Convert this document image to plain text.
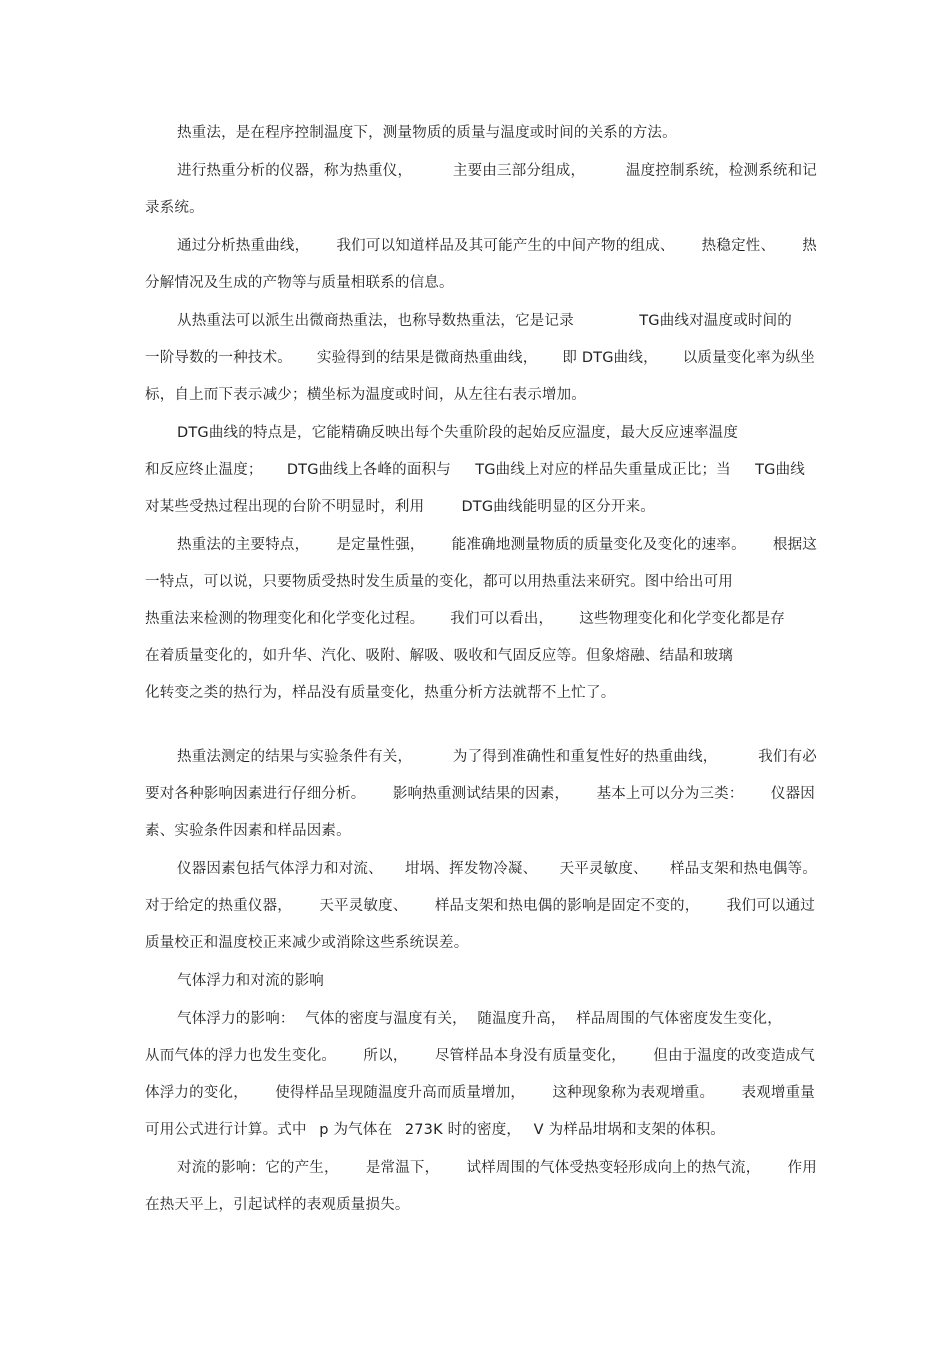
热重法，是在程序控制温度下，测量物质的质量与温度或时间的关系的方法。
进行热重分析的仪器，称为热重仪，	主要由三部分组成，	温度控制系统，检测系统和记
录系统。
通过分析热重曲线， 我们可以知道样品及其可能产生的中间产物的组成、 热稳定性、 热
分解情况及生成的产物等与质量相联系的信息。
从热重法可以派生出微商热重法，也称导数热重法，它是记录	TG曲线对温度或时间的
一阶导数的一种技术。 实验得到的结果是微商热重曲线， 即 DTG曲线， 以质量变化率为纵坐
标，自上而下表示减少；横坐标为温度或时间，从左往右表示增加。
DTG曲线的特点是，它能精确反映出每个失重阶段的起始反应温度，最大反应速率温度
和反应终止温度； DTG曲线上各峰的面积与 TG曲线上对应的样品失重量成正比；当 TG曲线
对某些受热过程出现的台阶不明显时，利用	DTG曲线能明显的区分开来。
热重法的主要特点， 是定量性强， 能准确地测量物质的质量变化及变化的速率。 根据这
一特点，可以说，只要物质受热时发生质量的变化，都可以用热重法来研究。图中给出可用
热重法来检测的物理变化和化学变化过程。 我们可以看出， 这些物理变化和化学变化都是存
在着质量变化的，如升华、汽化、吸附、解吸、吸收和气固反应等。但象熔融、结晶和玻璃
化转变之类的热行为，样品没有质量变化，热重分析方法就帮不上忙了。
热重法测定的结果与实验条件有关，	为了得到准确性和重复性好的热重曲线，	我们有必
要对各种影响因素进行仔细分析。 影响热重测试结果的因素， 基本上可以分为三类： 仪器因
素、实验条件因素和样品因素。
仪器因素包括气体浮力和对流、 坩埚、挥发物冷凝、 天平灵敏度、 样品支架和热电偶等。
对于给定的热重仪器， 天平灵敏度、 样品支架和热电偶的影响是固定不变的， 我们可以通过
质量校正和温度校正来减少或消除这些系统误差。
气体浮力和对流的影响
气体浮力的影响： 气体的密度与温度有关， 随温度升高， 样品周围的气体密度发生变化，
从而气体的浮力也发生变化。 所以， 尽管样品本身没有质量变化， 但由于温度的改变造成气
体浮力的变化， 使得样品呈现随温度升高而质量增加， 这种现象称为表观增重。 表观增重量
可用公式进行计算。式中 p 为气体在 273K 时的密度， V 为样品坩埚和支架的体积。
对流的影响：它的产生， 是常温下， 试样周围的气体受热变轻形成向上的热气流， 作用
在热天平上，引起试样的表观质量损失。
